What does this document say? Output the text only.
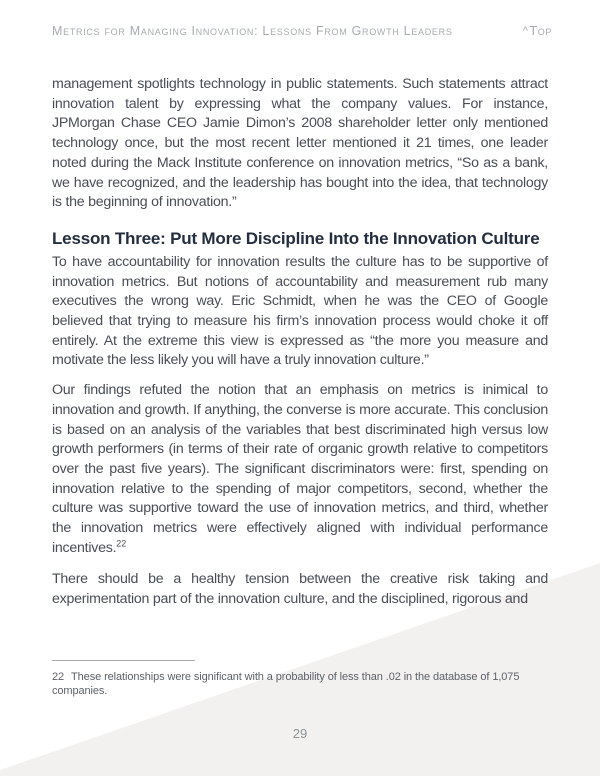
Metrics for Managing Innovation: Lessons From Growth Leaders	^Top

management spotlights technology in public statements. Such statements attract innovation talent by expressing what the company values. For instance, JPMorgan Chase CEO Jamie Dimon’s 2008 shareholder letter only mentioned technology once, but the most recent letter mentioned it 21 times, one leader noted during the Mack Institute conference on innovation metrics, “So as a bank, we have recognized, and the leadership has bought into the idea, that technology is the beginning of innovation.”

Lesson Three: Put More Discipline Into the Innovation Culture

To have accountability for innovation results the culture has to be supportive of innovation metrics. But notions of accountability and measurement rub many executives the wrong way. Eric Schmidt, when he was the CEO of Google believed that trying to measure his firm’s innovation process would choke it off entirely. At the extreme this view is expressed as “the more you measure and motivate the less likely you will have a truly innovation culture.”

Our findings refuted the notion that an emphasis on metrics is inimical to innovation and growth. If anything, the converse is more accurate. This conclusion is based on an analysis of the variables that best discriminated high versus low growth performers (in terms of their rate of organic growth relative to competitors over the past five years). The significant discriminators were: first, spending on innovation relative to the spending of major competitors, second, whether the culture was supportive toward the use of innovation metrics, and third, whether the innovation metrics were effectively aligned with individual performance incentives.$^{22}$

There should be a healthy tension between the creative risk taking and experimentation part of the innovation culture, and the disciplined, rigorous and

22 These relationships were significant with a probability of less than .02 in the database of 1,075 companies.

29
